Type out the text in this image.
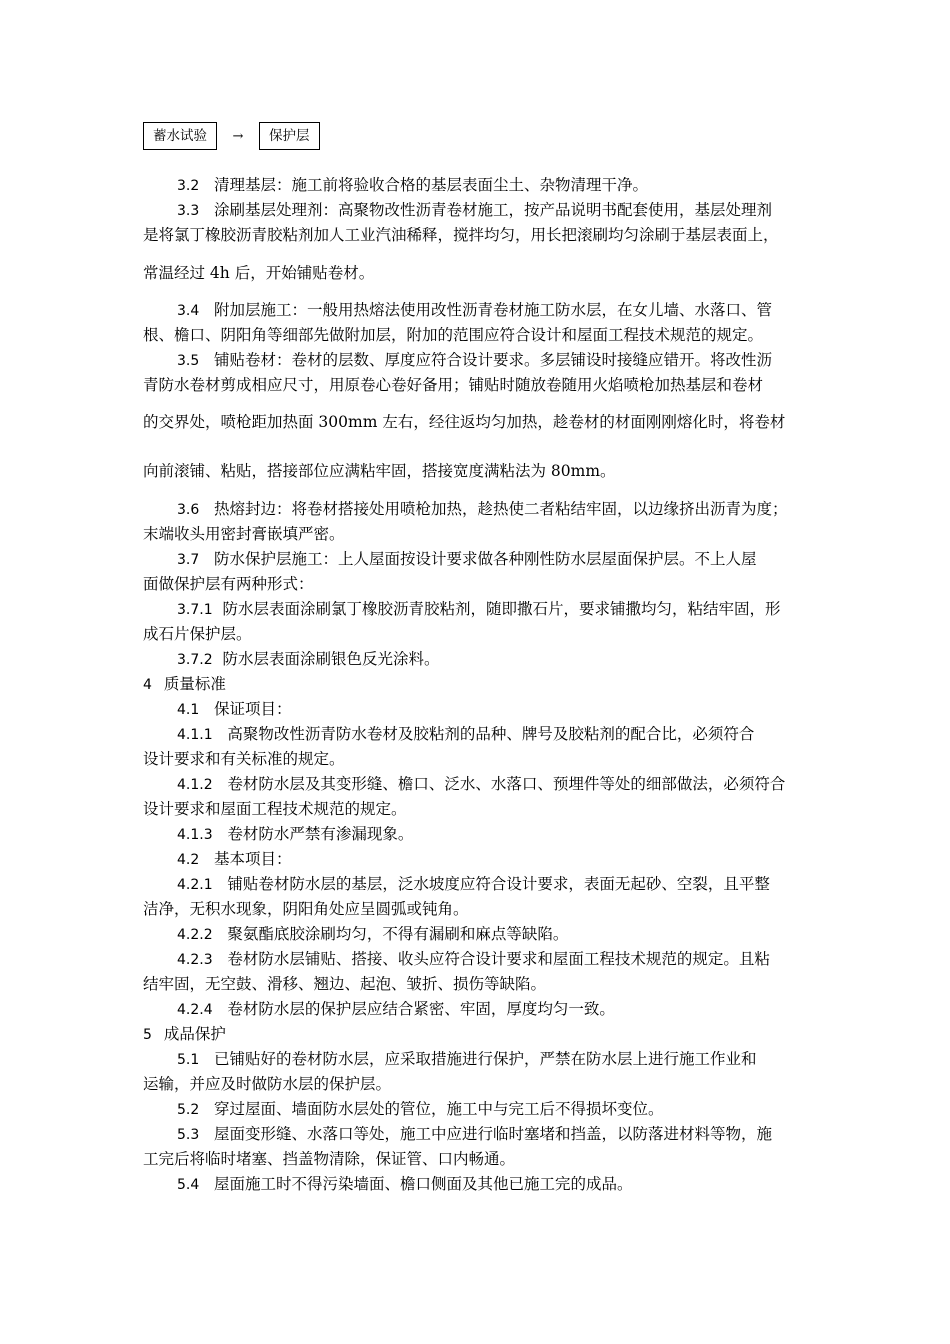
蓄水试验	→	保护层
3.2 清理基层：施工前将验收合格的基层表面尘土、杂物清理干净。
3.3 涂刷基层处理剂：高聚物改性沥青卷材施工，按产品说明书配套使用，基层处理剂
是将氯丁橡胶沥青胶粘剂加人工业汽油稀释，搅拌均匀，用长把滚刷均匀涂刷于基层表面上，
常温经过 4h 后，开始铺贴卷材。
3.4 附加层施工：一般用热熔法使用改性沥青卷材施工防水层，在女儿墙、水落口、管
根、檐口、阴阳角等细部先做附加层，附加的范围应符合设计和屋面工程技术规范的规定。
3.5 铺贴卷材：卷材的层数、厚度应符合设计要求。多层铺设时接缝应错开。将改性沥
青防水卷材剪成相应尺寸，用原卷心卷好备用；铺贴时随放卷随用火焰喷枪加热基层和卷材
的交界处，喷枪距加热面 300mm 左右，经往返均匀加热，趁卷材的材面刚刚熔化时，将卷材
向前滚铺、粘贴，搭接部位应满粘牢固，搭接宽度满粘法为 80mm。
3.6 热熔封边：将卷材搭接处用喷枪加热，趁热使二者粘结牢固，以边缘挤出沥青为度；
末端收头用密封膏嵌填严密。
3.7 防水保护层施工：上人屋面按设计要求做各种刚性防水层屋面保护层。不上人屋
面做保护层有两种形式：
3.7.1 防水层表面涂刷氯丁橡胶沥青胶粘剂，随即撒石片，要求铺撒均匀，粘结牢固，形
成石片保护层。
3.7.2 防水层表面涂刷银色反光涂料。
4 质量标准
4.1 保证项目：
4.1.1 高聚物改性沥青防水卷材及胶粘剂的品种、牌号及胶粘剂的配合比，必须符合
设计要求和有关标准的规定。
4.1.2 卷材防水层及其变形缝、檐口、泛水、水落口、预埋件等处的细部做法，必须符合
设计要求和屋面工程技术规范的规定。
4.1.3 卷材防水严禁有渗漏现象。
4.2 基本项目：
4.2.1 铺贴卷材防水层的基层，泛水坡度应符合设计要求，表面无起砂、空裂，且平整
洁净，无积水现象，阴阳角处应呈圆弧或钝角。
4.2.2 聚氨酯底胶涂刷均匀，不得有漏刷和麻点等缺陷。
4.2.3 卷材防水层铺贴、搭接、收头应符合设计要求和屋面工程技术规范的规定。且粘
结牢固，无空鼓、滑移、翘边、起泡、皱折、损伤等缺陷。
4.2.4 卷材防水层的保护层应结合紧密、牢固，厚度均匀一致。
5 成品保护
5.1 已铺贴好的卷材防水层，应采取措施进行保护，严禁在防水层上进行施工作业和
运输，并应及时做防水层的保护层。
5.2 穿过屋面、墙面防水层处的管位，施工中与完工后不得损坏变位。
5.3 屋面变形缝、水落口等处，施工中应进行临时塞堵和挡盖，以防落进材料等物，施
工完后将临时堵塞、挡盖物清除，保证管、口内畅通。
5.4 屋面施工时不得污染墙面、檐口侧面及其他已施工完的成品。
